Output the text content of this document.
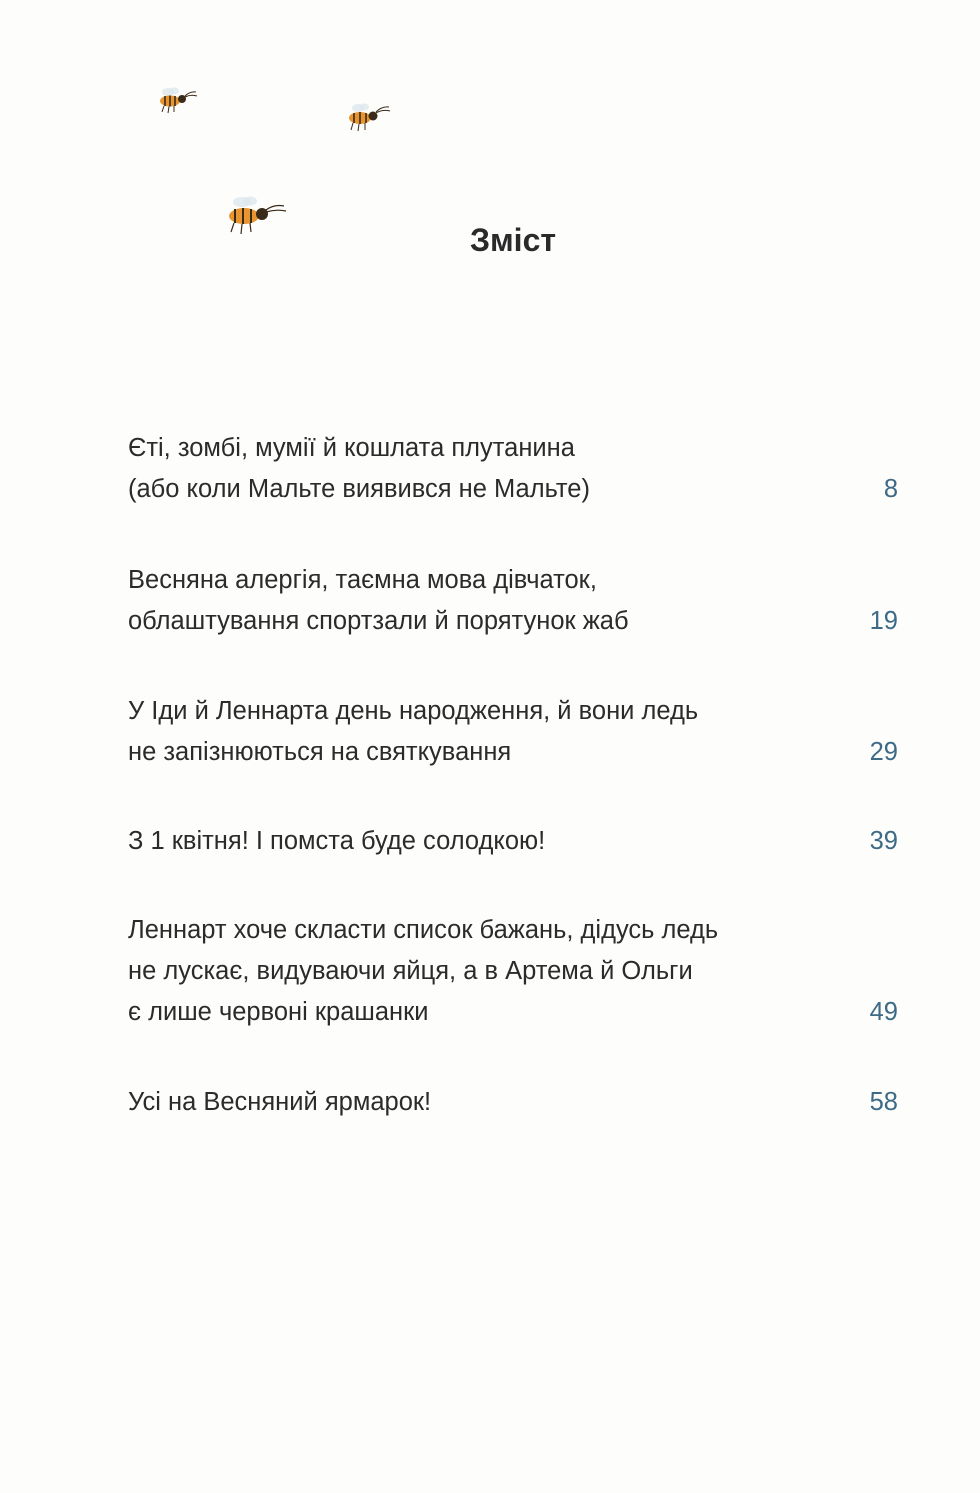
Зміст
Єті, зомбі, мумії й кошлата плутанина
(або коли Мальте виявився не Мальте)	8
Весняна алергія, таємна мова дівчаток,
облаштування спортзали й порятунок жаб	19
У Іди й Леннарта день народження, й вони ледь
не запізнюються на святкування	29
З 1 квітня! І помста буде солодкою!	39
Леннарт хоче скласти список бажань, дідусь ледь
не лускає, видуваючи яйця, а в Артема й Ольги
є лише червоні крашанки	49
Усі на Весняний ярмарок!	58
